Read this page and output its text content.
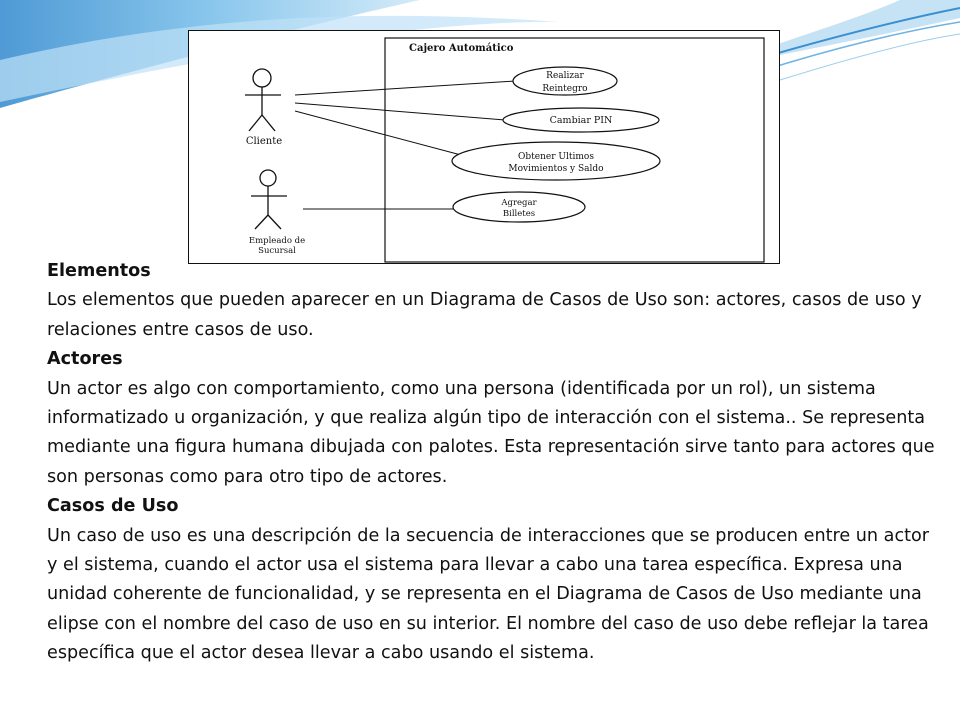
Cajero Automático
Cliente
Empleado de
Sucursal
Realizar
Reintegro
Cambiar PIN
Obtener Ultimos
Movimientos y Saldo
Agregar
Billetes

Elementos

Los elementos que pueden aparecer en un Diagrama de Casos de Uso son: actores, casos de uso y relaciones entre casos de uso.

Actores

Un actor es algo con comportamiento, como una persona (identificada por un rol), un sistema informatizado u organización, y que realiza algún tipo de interacción con el sistema.. Se representa mediante una figura humana dibujada con palotes. Esta representación sirve tanto para actores que son personas como para otro tipo de actores.

Casos de Uso

Un caso de uso es una descripción de la secuencia de interacciones que se producen entre un actor y el sistema, cuando el actor usa el sistema para llevar a cabo una tarea específica. Expresa una unidad coherente de funcionalidad, y se representa en el Diagrama de Casos de Uso mediante una elipse con el nombre del caso de uso en su interior. El nombre del caso de uso debe reflejar la tarea específica que el actor desea llevar a cabo usando el sistema.
